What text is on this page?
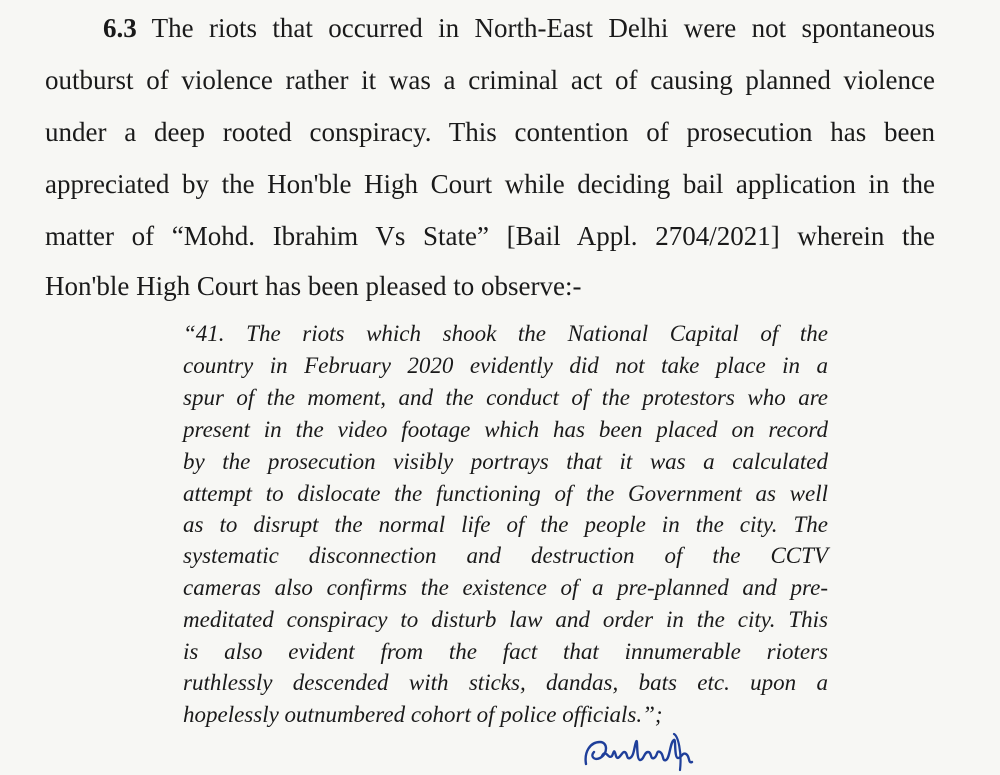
6.3 The riots that occurred in North-East Delhi were not spontaneous
outburst of violence rather it was a criminal act of causing planned violence
under a deep rooted conspiracy. This contention of prosecution has been
appreciated by the Hon'ble High Court while deciding bail application in the
matter of “Mohd. Ibrahim Vs State” [Bail Appl. 2704/2021] wherein the
Hon'ble High Court has been pleased to observe:-
“41. The riots which shook the National Capital of the
country in February 2020 evidently did not take place in a
spur of the moment, and the conduct of the protestors who are
present in the video footage which has been placed on record
by the prosecution visibly portrays that it was a calculated
attempt to dislocate the functioning of the Government as well
as to disrupt the normal life of the people in the city. The
systematic disconnection and destruction of the CCTV
cameras also confirms the existence of a pre-planned and pre-
meditated conspiracy to disturb law and order in the city. This
is also evident from the fact that innumerable rioters
ruthlessly descended with sticks, dandas, bats etc. upon a
hopelessly outnumbered cohort of police officials.”;
